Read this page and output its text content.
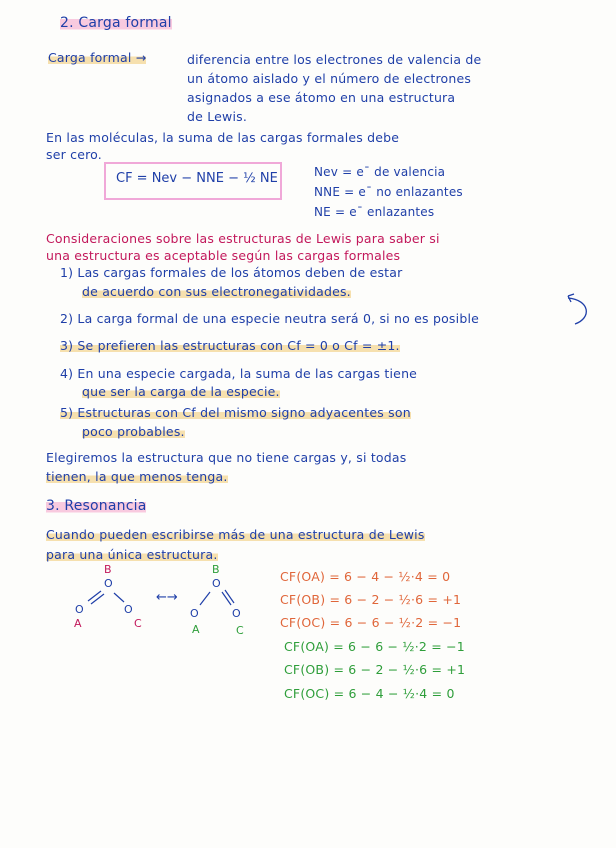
2. Carga formal
Carga formal →	diferencia entre los electrones de valencia de
un átomo aislado y el número de electrones
asignados a ese átomo en una estructura
de Lewis.
En las moléculas, la suma de las cargas formales debe
ser cero.
CF = Nev − NNE − ½ NE	Nev = eˉ de valencia
NNE = eˉ no enlazantes
NE = eˉ enlazantes
Consideraciones sobre las estructuras de Lewis para saber si
una estructura es aceptable según las cargas formales
1) Las cargas formales de los átomos deben de estar
de acuerdo con sus electronegatividades.
2) La carga formal de una especie neutra será 0, si no es posible
3) Se prefieren las estructuras con Cf = 0 o Cf = ±1.
4) En una especie cargada, la suma de las cargas tiene
que ser la carga de la especie.
5) Estructuras con Cf del mismo signo adyacentes son
poco probables.
Elegiremos la estructura que no tiene cargas y, si todas
tienen, la que menos tenga.
3. Resonancia
Cuando pueden escribirse más de una estructura de Lewis
para una única estructura.
B
O
O	O
A	C
←→
B
O
O	O
A	C
CF(OA) = 6 − 4 − ½·4 = 0
CF(OB) = 6 − 2 − ½·6 = +1
CF(OC) = 6 − 6 − ½·2 = −1
CF(OA) = 6 − 6 − ½·2 = −1
CF(OB) = 6 − 2 − ½·6 = +1
CF(OC) = 6 − 4 − ½·4 = 0
